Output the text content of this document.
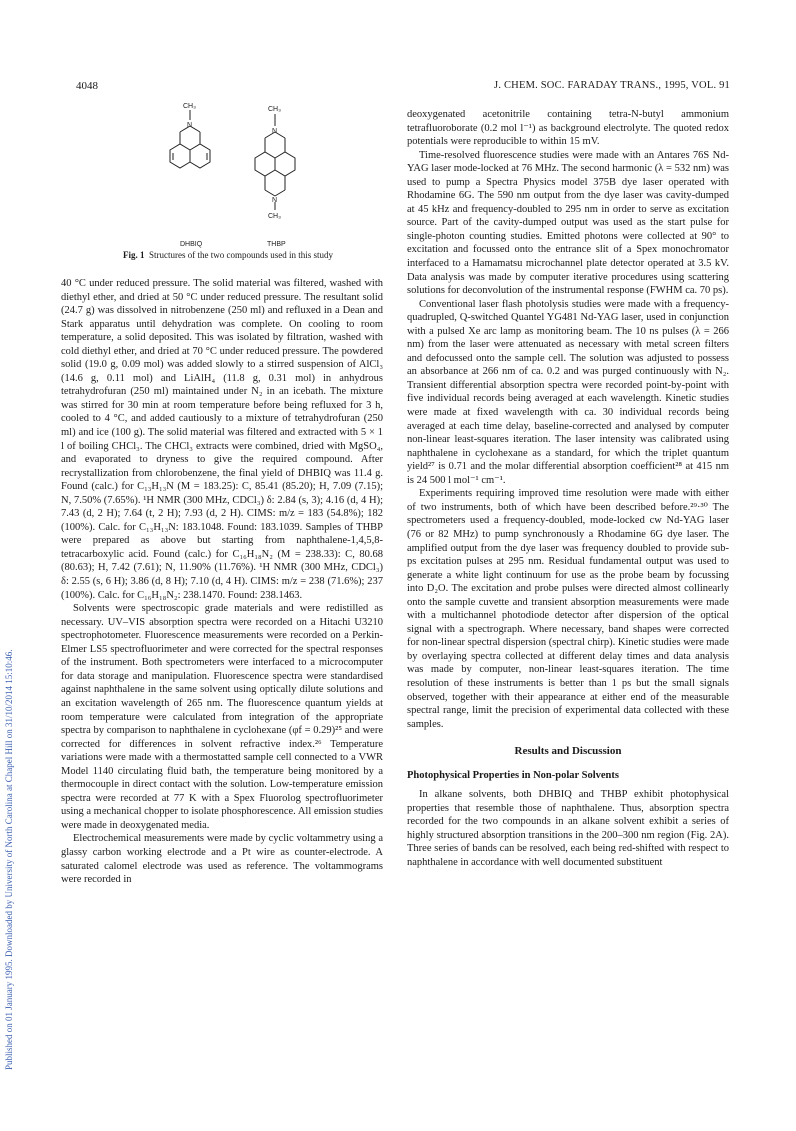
4048	J. CHEM. SOC. FARADAY TRANS., 1995, VOL. 91
Published on 01 January 1995. Downloaded by University of North Carolina at Chapel Hill on 31/10/2014 15:10:46.
CH₃
N
CH₃
N
N
CH₃
DHBIQ	THBP
Fig. 1 Structures of the two compounds used in this study

40 °C under reduced pressure. The solid material was filtered, washed with diethyl ether, and dried at 50 °C under reduced pressure. The resultant solid (24.7 g) was dissolved in nitrobenzene (250 ml) and refluxed in a Dean and Stark apparatus until dehydration was complete. On cooling to room temperature, a solid deposited. This was isolated by filtration, washed with cold diethyl ether, and dried at 70 °C under reduced pressure. The powdered solid (19.0 g, 0.09 mol) was added slowly to a stirred suspension of AlCl₃ (14.6 g, 0.11 mol) and LiAlH₄ (11.8 g, 0.31 mol) in anhydrous tetrahydrofuran (250 ml) maintained under N₂ in an icebath. The mixture was stirred for 30 min at room temperature before being refluxed for 3 h, cooled to 4 °C, and added cautiously to a mixture of tetrahydrofuran (250 ml) and ice (100 g). The solid material was filtered and extracted with 5 × 1 l of boiling CHCl₃. The CHCl₃ extracts were combined, dried with MgSO₄, and evaporated to dryness to give the required compound. After recrystallization from chlorobenzene, the final yield of DHBIQ was 11.4 g. Found (calc.) for C₁₃H₁₃N (M = 183.25): C, 85.41 (85.20); H, 7.09 (7.15); N, 7.50% (7.65%). ¹H NMR (300 MHz, CDCl₃) δ: 2.84 (s, 3); 4.16 (d, 4 H); 7.43 (d, 2 H); 7.64 (t, 2 H); 7.93 (d, 2 H). CIMS: m/z = 183 (54.8%); 182 (100%). Calc. for C₁₃H₁₃N: 183.1048. Found: 183.1039. Samples of THBP were prepared as above but starting from naphthalene-1,4,5,8-tetracarboxylic acid. Found (calc.) for C₁₆H₁₈N₂ (M = 238.33): C, 80.68 (80.63); H, 7.42 (7.61); N, 11.90% (11.76%). ¹H NMR (300 MHz, CDCl₃) δ: 2.55 (s, 6 H); 3.86 (d, 8 H); 7.10 (d, 4 H). CIMS: m/z = 238 (71.6%); 237 (100%). Calc. for C₁₆H₁₈N₂: 238.1470. Found: 238.1463.

Solvents were spectroscopic grade materials and were redistilled as necessary. UV–VIS absorption spectra were recorded on a Hitachi U3210 spectrophotometer. Fluorescence measurements were recorded on a Perkin-Elmer LS5 spectrofluorimeter and were corrected for the spectral responses of the instrument. Both spectrometers were interfaced to a microcomputer for data storage and manipulation. Fluorescence spectra were standardised against naphthalene in the same solvent using optically dilute solutions and an excitation wavelength of 265 nm. The fluorescence quantum yields at room temperature were calculated from integration of the appropriate spectra by comparison to naphthalene in cyclohexane (φf = 0.29)²⁵ and were corrected for differences in solvent refractive index.²⁶ Temperature variations were made with a thermostatted sample cell connected to a VWR Model 1140 circulating fluid bath, the temperature being monitored by a thermocouple in direct contact with the solution. Low-temperature emission spectra were recorded at 77 K with a Spex Fluorolog spectrofluorimeter using a mechanical chopper to isolate phosphorescence. All emission studies were made in deoxygenated media.

Electrochemical measurements were made by cyclic voltammetry using a glassy carbon working electrode and a Pt wire as counter-electrode. A saturated calomel electrode was used as reference. The voltammograms were recorded in

deoxygenated acetonitrile containing tetra-N-butyl ammonium tetrafluoroborate (0.2 mol l⁻¹) as background electrolyte. The quoted redox potentials were reproducible to within 15 mV.

Time-resolved fluorescence studies were made with an Antares 76S Nd-YAG laser mode-locked at 76 MHz. The second harmonic (λ = 532 nm) was used to pump a Spectra Physics model 375B dye laser operated with Rhodamine 6G. The 590 nm output from the dye laser was cavity-dumped at 45 kHz and frequency-doubled to 295 nm in order to serve as excitation source. Part of the cavity-dumped output was used as the start pulse for single-photon counting studies. Emitted photons were collected at 90° to excitation and focussed onto the entrance slit of a Spex monochromator interfaced to a Hamamatsu microchannel plate detector operated at 3.5 kV. Data analysis was made by computer iterative procedures using scattering solutions for deconvolution of the instrumental response (FWHM ca. 70 ps).

Conventional laser flash photolysis studies were made with a frequency-quadrupled, Q-switched Quantel YG481 Nd-YAG laser, used in conjunction with a pulsed Xe arc lamp as monitoring beam. The 10 ns pulses (λ = 266 nm) from the laser were attenuated as necessary with metal screen filters and defocussed onto the sample cell. The solution was adjusted to possess an absorbance at 266 nm of ca. 0.2 and was purged continuously with N₂. Transient differential absorption spectra were recorded point-by-point with five individual records being averaged at each wavelength. Kinetic studies were made at fixed wavelength with ca. 30 individual records being averaged at each time delay, baseline-corrected and analysed by computer non-linear least-squares iteration. The laser intensity was calibrated using naphthalene in cyclohexane as a standard, for which the triplet quantum yield²⁷ is 0.71 and the molar differential absorption coefficient²⁸ at 415 nm is 24 500 l mol⁻¹ cm⁻¹.

Experiments requiring improved time resolution were made with either of two instruments, both of which have been described before.²⁹·³⁰ The spectrometers used a frequency-doubled, mode-locked cw Nd-YAG laser (76 or 82 MHz) to pump synchronously a Rhodamine 6G dye laser. The amplified output from the dye laser was frequency doubled to provide sub-ps excitation pulses at 295 nm. Residual fundamental output was used to generate a white light continuum for use as the probe beam by focussing into D₂O. The excitation and probe pulses were directed almost collinearly onto the sample cuvette and transient absorption measurements were made with a multichannel photodiode detector after dispersion of the optical signal with a spectrograph. Where necessary, band shapes were corrected for non-linear spectral dispersion (spectral chirp). Kinetic studies were made by overlaying spectra collected at different delay times and data analysis was made by computer, non-linear least-squares iteration. The time resolution of these instruments is better than 1 ps but the small signals observed, together with their appearance at either end of the measurable spectral range, limit the precision of experimental data collected with these samples.

Results and Discussion
Photophysical Properties in Non-polar Solvents

In alkane solvents, both DHBIQ and THBP exhibit photophysical properties that resemble those of naphthalene. Thus, absorption spectra recorded for the two compounds in an alkane solvent exhibit a series of highly structured absorption transitions in the 200–300 nm region (Fig. 2A). Three series of bands can be resolved, each being red-shifted with respect to naphthalene in accordance with well documented substituent
